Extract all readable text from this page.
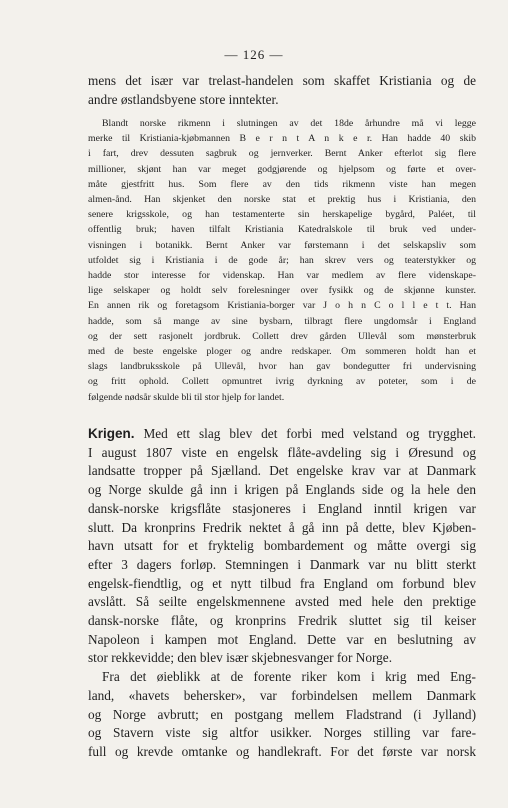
— 126 —
mens det især var trelast-handelen som skaffet Kristiania og de
andre østlandsbyene store inntekter.
Blandt norske rikmenn i slutningen av det 18de århundre må vi legge
merke til Kristiania-kjøbmannen B e r n t A n k e r. Han hadde 40 skib
i fart, drev dessuten sagbruk og jernverker. Bernt Anker efterlot sig flere
millioner, skjønt han var meget godgjørende og hjelpsom og førte et over-
måte gjestfritt hus. Som flere av den tids rikmenn viste han megen
almen-ånd. Han skjenket den norske stat et prektig hus i Kristiania, den
senere krigsskole, og han testamenterte sin herskapelige bygård, Paléet, til
offentlig bruk; haven tilfalt Kristiania Katedralskole til bruk ved under-
visningen i botanikk. Bernt Anker var førstemann i det selskapsliv som
utfoldet sig i Kristiania i de gode år; han skrev vers og teaterstykker og
hadde stor interesse for videnskap. Han var medlem av flere videnskape-
lige selskaper og holdt selv forelesninger over fysikk og de skjønne kunster.
En annen rik og foretagsom Kristiania-borger var J o h n C o l l e t t. Han
hadde, som så mange av sine bysbarn, tilbragt flere ungdomsår i England
og der sett rasjonelt jordbruk. Collett drev gården Ullevål som mønsterbruk
med de beste engelske ploger og andre redskaper. Om sommeren holdt han et
slags landbruksskole på Ullevål, hvor han gav bondegutter fri undervisning
og fritt ophold. Collett opmuntret ivrig dyrkning av poteter, som i de
følgende nødsår skulde bli til stor hjelp for landet.
Krigen. Med ett slag blev det forbi med velstand og trygghet.
I august 1807 viste en engelsk flåte-avdeling sig i Øresund og
landsatte tropper på Sjælland. Det engelske krav var at Danmark
og Norge skulde gå inn i krigen på Englands side og la hele den
dansk-norske krigsflåte stasjoneres i England inntil krigen var
slutt. Da kronprins Fredrik nektet å gå inn på dette, blev Kjøben-
havn utsatt for et fryktelig bombardement og måtte overgi sig
efter 3 dagers forløp. Stemningen i Danmark var nu blitt sterkt
engelsk-fiendtlig, og et nytt tilbud fra England om forbund blev
avslått. Så seilte engelskmennene avsted med hele den prektige
dansk-norske flåte, og kronprins Fredrik sluttet sig til keiser
Napoleon i kampen mot England. Dette var en beslutning av
stor rekkevidde; den blev især skjebnesvanger for Norge.
Fra det øieblikk at de forente riker kom i krig med Eng-
land, «havets behersker», var forbindelsen mellem Danmark
og Norge avbrutt; en postgang mellem Fladstrand (i Jylland)
og Stavern viste sig altfor usikker. Norges stilling var fare-
full og krevde omtanke og handlekraft. For det første var norsk
